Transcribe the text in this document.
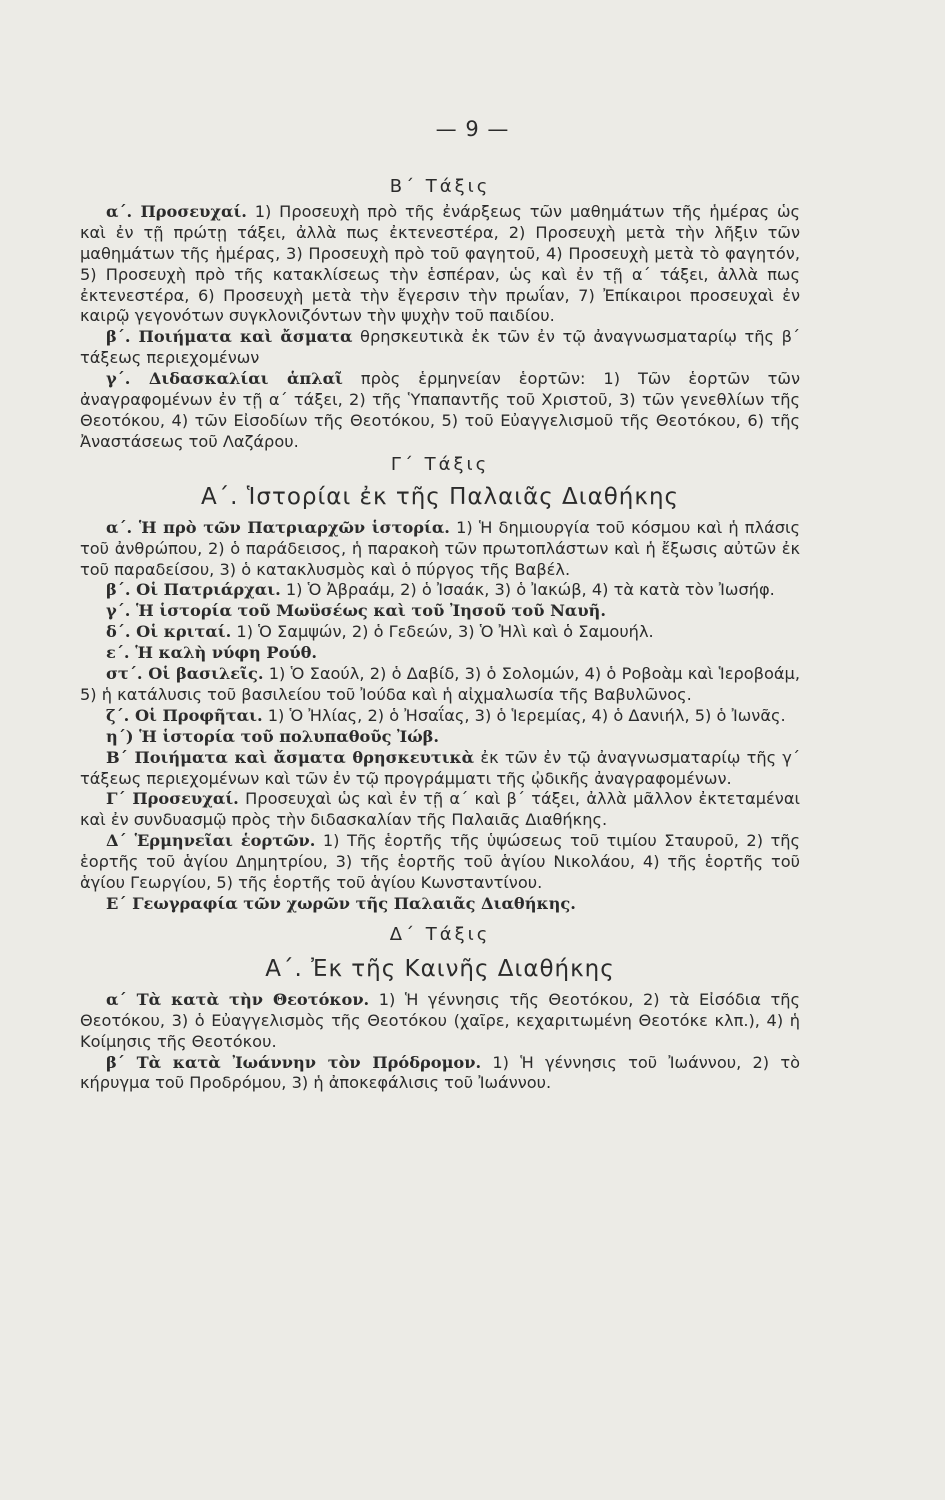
— 9 —
Β΄ Τάξις

α΄. Προσευχαί. 1) Προσευχὴ πρὸ τῆς ἐνάρξεως τῶν μαθημάτων τῆς ἡμέρας ὡς καὶ ἐν τῇ πρώτῃ τάξει, ἀλλὰ πως ἐκτενεστέρα, 2) Προσευχὴ μετὰ τὴν λῆξιν τῶν μαθημάτων τῆς ἡμέρας, 3) Προσευχὴ πρὸ τοῦ φαγητοῦ, 4) Προσευχὴ μετὰ τὸ φαγητόν, 5) Προσευχὴ πρὸ τῆς κατακλίσεως τὴν ἑσπέραν, ὡς καὶ ἐν τῇ α΄ τάξει, ἀλλὰ πως ἐκτενεστέρα, 6) Προσευχὴ μετὰ τὴν ἔγερσιν τὴν πρωΐαν, 7) Ἐπίκαιροι προσευχαὶ ἐν καιρῷ γεγονότων συγκλονιζόντων τὴν ψυχὴν τοῦ παιδίου.

β΄. Ποιήματα καὶ ἄσματα θρησκευτικὰ ἐκ τῶν ἐν τῷ ἀναγνωσματαρίῳ τῆς β΄ τάξεως περιεχομένων

γ΄. Διδασκαλίαι ἁπλαῖ πρὸς ἑρμηνείαν ἑορτῶν: 1) Τῶν ἑορτῶν τῶν ἀναγραφομένων ἐν τῇ α΄ τάξει, 2) τῆς Ὑπαπαντῆς τοῦ Χριστοῦ, 3) τῶν γενεθλίων τῆς Θεοτόκου, 4) τῶν Εἰσοδίων τῆς Θεοτόκου, 5) τοῦ Εὐαγγελισμοῦ τῆς Θεοτόκου, 6) τῆς Ἀναστάσεως τοῦ Λαζάρου.

Γ΄ Τάξις
Α΄. Ἱστορίαι ἐκ τῆς Παλαιᾶς Διαθήκης

α΄. Ἡ πρὸ τῶν Πατριαρχῶν ἱστορία. 1) Ἡ δημιουργία τοῦ κόσμου καὶ ἡ πλάσις τοῦ ἀνθρώπου, 2) ὁ παράδεισος, ἡ παρακοὴ τῶν πρωτοπλάστων καὶ ἡ ἔξωσις αὐτῶν ἐκ τοῦ παραδείσου, 3) ὁ κατακλυσμὸς καὶ ὁ πύργος τῆς Βαβέλ.

β΄. Οἱ Πατριάρχαι. 1) Ὁ Ἀβραάμ, 2) ὁ Ἰσαάκ, 3) ὁ Ἰακώβ, 4) τὰ κατὰ τὸν Ἰωσήφ.

γ΄. Ἡ ἱστορία τοῦ Μωϋσέως καὶ τοῦ Ἰησοῦ τοῦ Ναυῆ.

δ΄. Οἱ κριταί. 1) Ὁ Σαμψών, 2) ὁ Γεδεών, 3) Ὁ Ἠλὶ καὶ ὁ Σαμουήλ.

ε΄. Ἡ καλὴ νύφη Ρούθ.

στ΄. Οἱ βασιλεῖς. 1) Ὁ Σαούλ, 2) ὁ Δαβίδ, 3) ὁ Σολομών, 4) ὁ Ροβοὰμ καὶ Ἱεροβοάμ, 5) ἡ κατάλυσις τοῦ βασιλείου τοῦ Ἰούδα καὶ ἡ αἰχμαλωσία τῆς Βαβυλῶνος.

ζ΄. Οἱ Προφῆται. 1) Ὁ Ἠλίας, 2) ὁ Ἠσαΐας, 3) ὁ Ἱερεμίας, 4) ὁ Δανιήλ, 5) ὁ Ἰωνᾶς.

η΄) Ἡ ἱστορία τοῦ πολυπαθοῦς Ἰώβ.

Β΄ Ποιήματα καὶ ἄσματα θρησκευτικὰ ἐκ τῶν ἐν τῷ ἀναγνωσματαρίῳ τῆς γ΄ τάξεως περιεχομένων καὶ τῶν ἐν τῷ προγράμματι τῆς ᾠδικῆς ἀναγραφομένων.

Γ΄ Προσευχαί. Προσευχαὶ ὡς καὶ ἐν τῇ α΄ καὶ β΄ τάξει, ἀλλὰ μᾶλλον ἐκτεταμέναι καὶ ἐν συνδυασμῷ πρὸς τὴν διδασκαλίαν τῆς Παλαιᾶς Διαθήκης.

Δ΄ Ἑρμηνεῖαι ἑορτῶν. 1) Τῆς ἑορτῆς τῆς ὑψώσεως τοῦ τιμίου Σταυροῦ, 2) τῆς ἑορτῆς τοῦ ἁγίου Δημητρίου, 3) τῆς ἑορτῆς τοῦ ἁγίου Νικολάου, 4) τῆς ἑορτῆς τοῦ ἁγίου Γεωργίου, 5) τῆς ἑορτῆς τοῦ ἁγίου Κωνσταντίνου.

Ε΄ Γεωγραφία τῶν χωρῶν τῆς Παλαιᾶς Διαθήκης.

Δ΄ Τάξις
Α΄. Ἐκ τῆς Καινῆς Διαθήκης

α΄ Τὰ κατὰ τὴν Θεοτόκον. 1) Ἡ γέννησις τῆς Θεοτόκου, 2) τὰ Εἰσόδια τῆς Θεοτόκου, 3) ὁ Εὐαγγελισμὸς τῆς Θεοτόκου (χαῖρε, κεχαριτωμένη Θεοτόκε κλπ.), 4) ἡ Κοίμησις τῆς Θεοτόκου.

β΄ Τὰ κατὰ Ἰωάννην τὸν Πρόδρομον. 1) Ἡ γέννησις τοῦ Ἰωάννου, 2) τὸ κήρυγμα τοῦ Προδρόμου, 3) ἡ ἀποκεφάλισις τοῦ Ἰωάννου.
